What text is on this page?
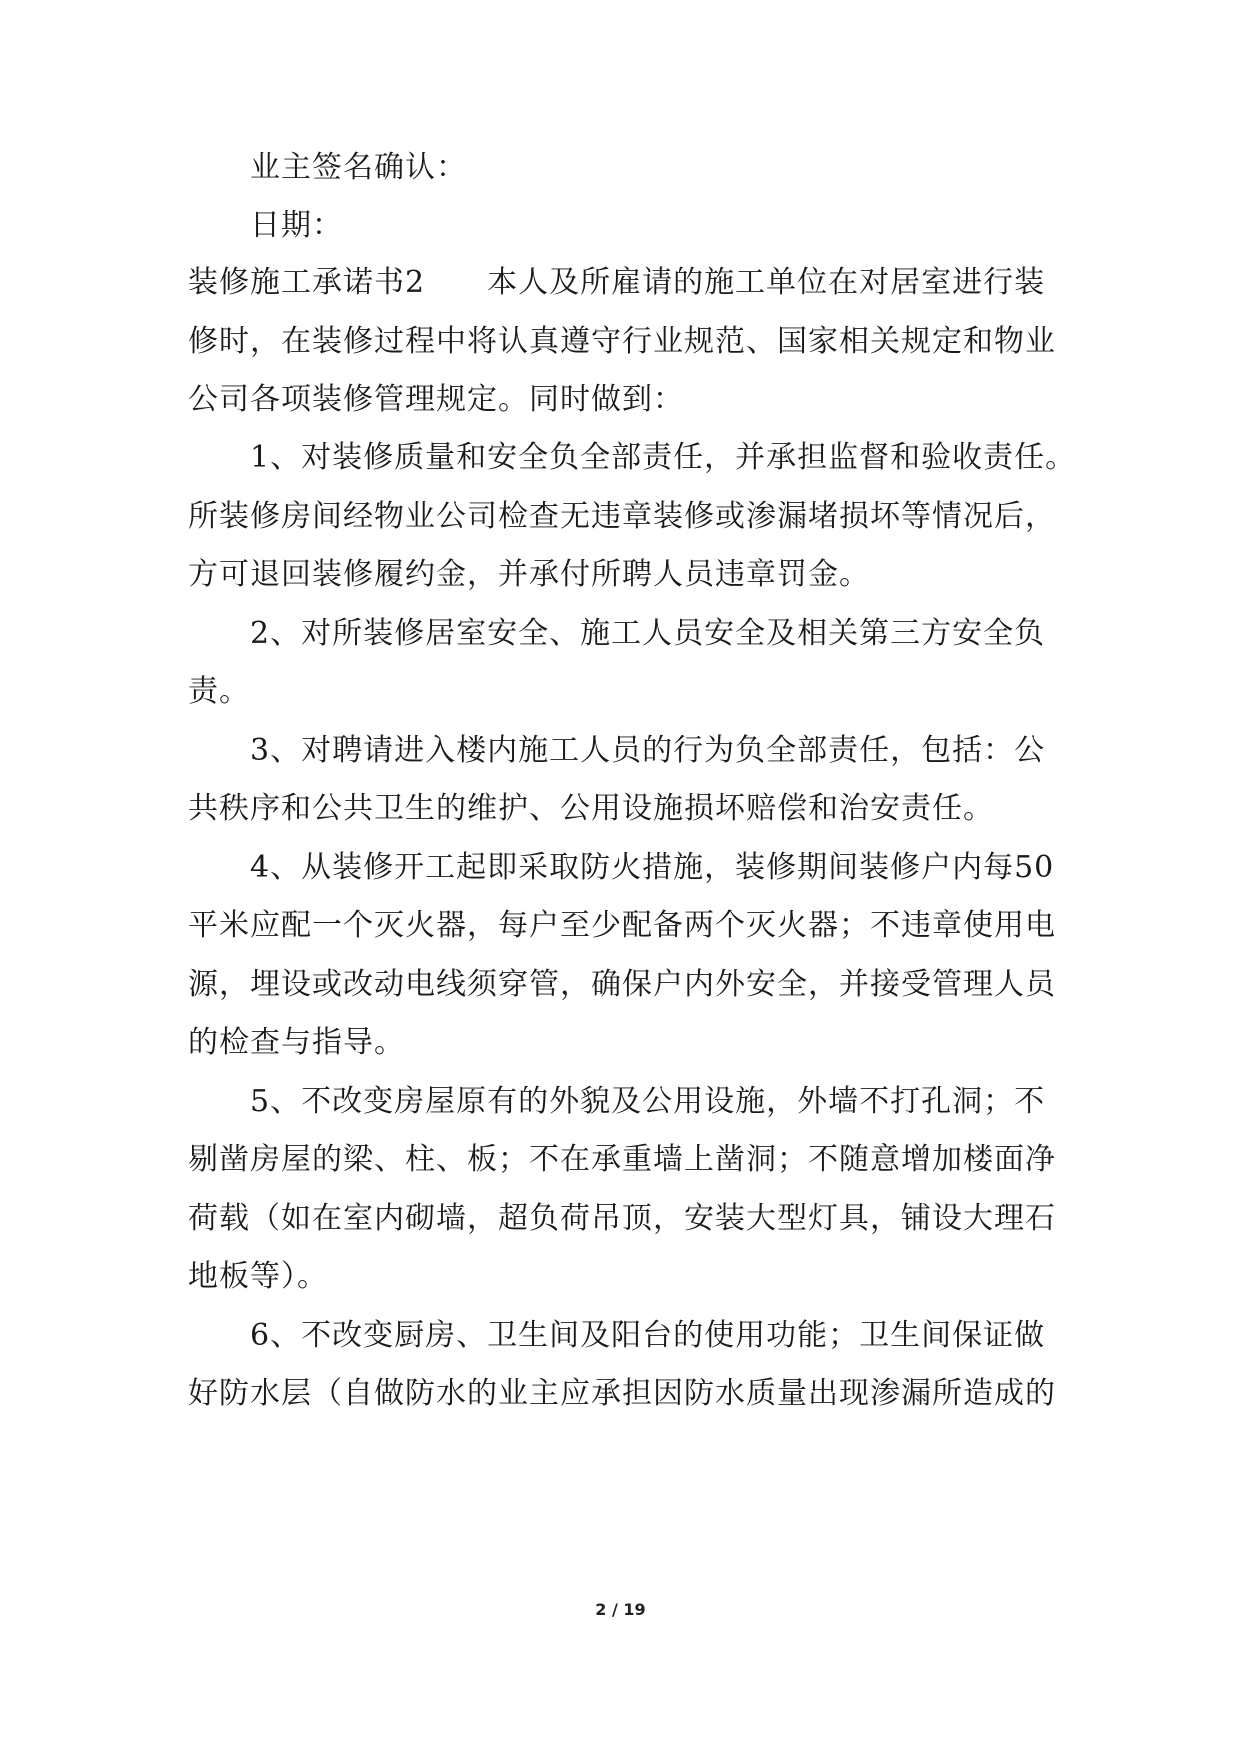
业主签名确认：
日期：
装修施工承诺书2　　本人及所雇请的施工单位在对居室进行装
修时，在装修过程中将认真遵守行业规范、国家相关规定和物业
公司各项装修管理规定。同时做到：
1、对装修质量和安全负全部责任，并承担监督和验收责任。
所装修房间经物业公司检查无违章装修或渗漏堵损坏等情况后，
方可退回装修履约金，并承付所聘人员违章罚金。
2、对所装修居室安全、施工人员安全及相关第三方安全负
责。
3、对聘请进入楼内施工人员的行为负全部责任，包括：公
共秩序和公共卫生的维护、公用设施损坏赔偿和治安责任。
4、从装修开工起即采取防火措施，装修期间装修户内每50
平米应配一个灭火器，每户至少配备两个灭火器；不违章使用电
源，埋设或改动电线须穿管，确保户内外安全，并接受管理人员
的检查与指导。
5、不改变房屋原有的外貌及公用设施，外墙不打孔洞；不
剔凿房屋的梁、柱、板；不在承重墙上凿洞；不随意增加楼面净
荷载（如在室内砌墙，超负荷吊顶，安装大型灯具，铺设大理石
地板等）。
6、不改变厨房、卫生间及阳台的使用功能；卫生间保证做
好防水层（自做防水的业主应承担因防水质量出现渗漏所造成的
2 / 19
